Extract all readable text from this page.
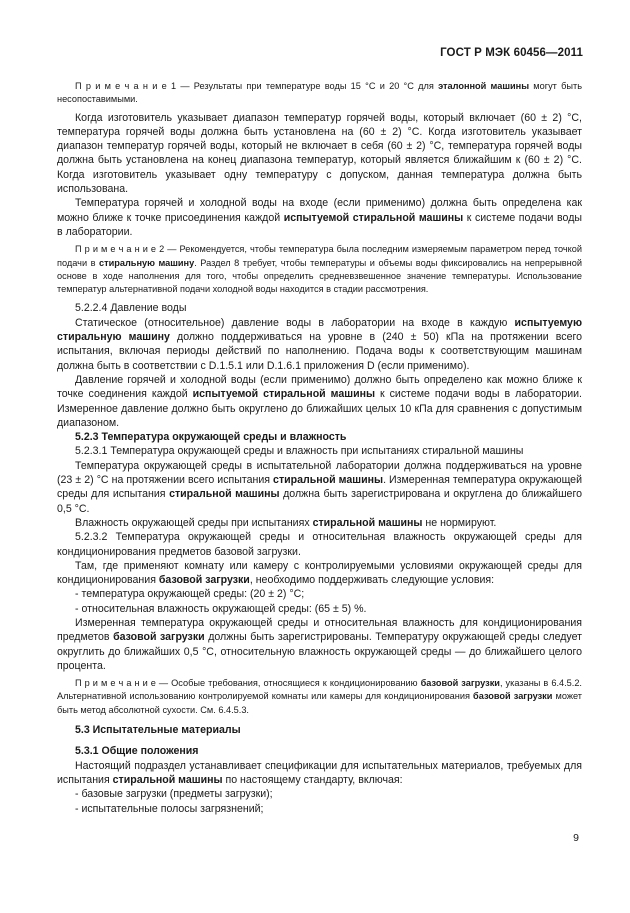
ГОСТ Р МЭК 60456—2011

П р и м е ч а н и е 1 — Результаты при температуре воды 15 °С и 20 °С для эталонной машины могут быть несопоставимыми.

Когда изготовитель указывает диапазон температур горячей воды, который включает (60 ± 2) °С, температура горячей воды должна быть установлена на (60 ± 2) °С. Когда изготовитель указывает диапазон температур горячей воды, который не включает в себя (60 ± 2) °С, температура горячей воды должна быть установлена на конец диапазона температур, который является ближайшим к (60 ± 2) °С. Когда изготовитель указывает одну температуру с допуском, данная температура должна быть использована.

Температура горячей и холодной воды на входе (если применимо) должна быть определена как можно ближе к точке присоединения каждой испытуемой стиральной машины к системе подачи воды в лаборатории.

П р и м е ч а н и е 2 — Рекомендуется, чтобы температура была последним измеряемым параметром перед точкой подачи в стиральную машину. Раздел 8 требует, чтобы температуры и объемы воды фиксировались на непрерывной основе в ходе наполнения для того, чтобы определить средневзвешенное значение температуры. Использование температур альтернативной подачи холодной воды находится в стадии рассмотрения.

5.2.2.4 Давление воды

Статическое (относительное) давление воды в лаборатории на входе в каждую испытуемую стиральную машину должно поддерживаться на уровне в (240 ± 50) кПа на протяжении всего испытания, включая периоды действий по наполнению. Подача воды к соответствующим машинам должна быть в соответствии с D.1.5.1 или D.1.6.1 приложения D (если применимо).

Давление горячей и холодной воды (если применимо) должно быть определено как можно ближе к точке соединения каждой испытуемой стиральной машины к системе подачи воды в лаборатории. Измеренное давление должно быть округлено до ближайших целых 10 кПа для сравнения с допустимым диапазоном.

5.2.3 Температура окружающей среды и влажность

5.2.3.1 Температура окружающей среды и влажность при испытаниях стиральной машины

Температура окружающей среды в испытательной лаборатории должна поддерживаться на уровне (23 ± 2) °С на протяжении всего испытания стиральной машины. Измеренная температура окружающей среды для испытания стиральной машины должна быть зарегистрирована и округлена до ближайшего 0,5 °С.

Влажность окружающей среды при испытаниях стиральной машины не нормируют.

5.2.3.2 Температура окружающей среды и относительная влажность окружающей среды для кондиционирования предметов базовой загрузки.

Там, где применяют комнату или камеру с контролируемыми условиями окружающей среды для кондиционирования базовой загрузки, необходимо поддерживать следующие условия:

- температура окружающей среды: (20 ± 2) °С;

- относительная влажность окружающей среды: (65 ± 5) %.

Измеренная температура окружающей среды и относительная влажность для кондиционирования предметов базовой загрузки должны быть зарегистрированы. Температуру окружающей среды следует округлить до ближайших 0,5 °С, относительную влажность окружающей среды — до ближайшего целого процента.

П р и м е ч а н и е — Особые требования, относящиеся к кондиционированию базовой загрузки, указаны в 6.4.5.2. Альтернативной использованию контролируемой комнаты или камеры для кондиционирования базовой загрузки может быть метод абсолютной сухости. См. 6.4.5.3.

5.3 Испытательные материалы

5.3.1 Общие положения

Настоящий подраздел устанавливает спецификации для испытательных материалов, требуемых для испытания стиральной машины по настоящему стандарту, включая:

- базовые загрузки (предметы загрузки);

- испытательные полосы загрязнений;

9
